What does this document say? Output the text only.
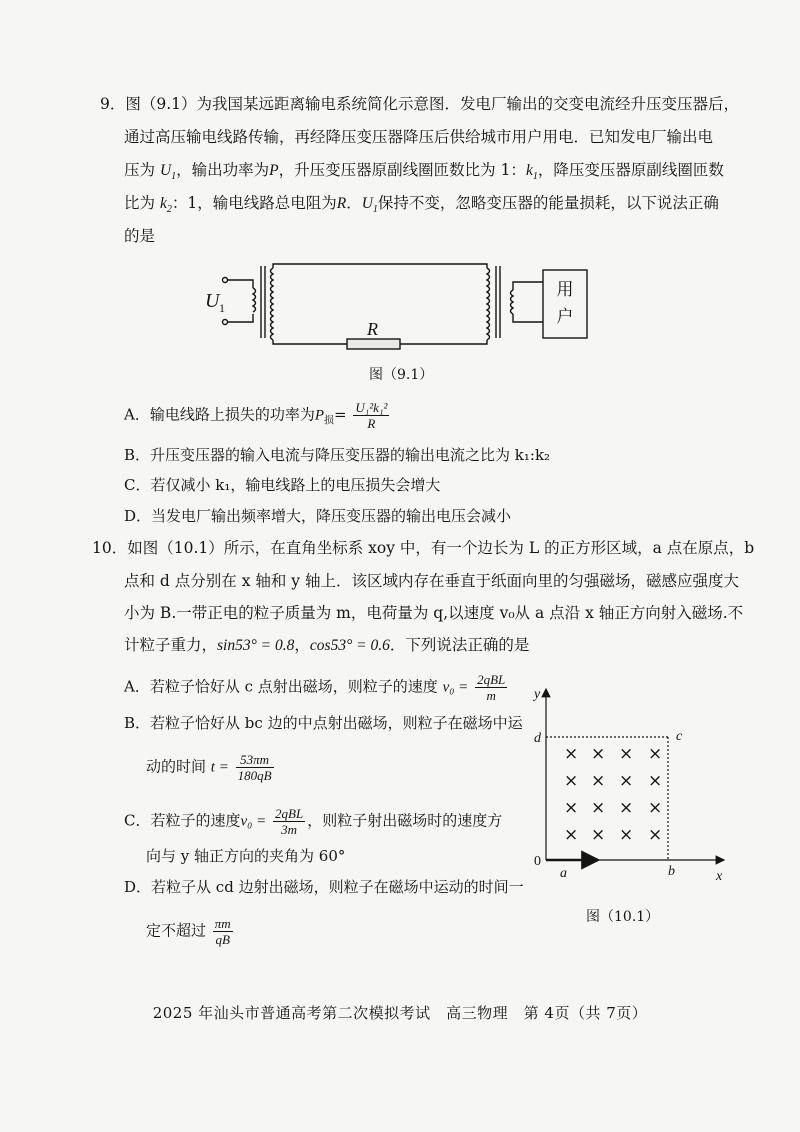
9．图（9.1）为我国某远距离输电系统简化示意图．发电厂输出的交变电流经升压变压器后，
通过高压输电线路传输，再经降压变压器降压后供给城市用户用电．已知发电厂输出电
压为 $U_1$，输出功率为P，升压变压器原副线圈匝数比为 1：$k_1$，降压变压器原副线圈匝数
比为 $k_2$：1，输电线路总电阻为R．$U_1$保持不变，忽略变压器的能量损耗，以下说法正确
的是
U 1
R
用
户
图（9.1）
A．输电线路上损失的功率为$P_损= \frac{\text{U₁²k₁²}}{R}$
B．升压变压器的输入电流与降压变压器的输出电流之比为 k₁:k₂
C．若仅减小 k₁，输电线路上的电压损失会增大
D．当发电厂输出频率增大，降压变压器的输出电压会减小
10．如图（10.1）所示，在直角坐标系 xoy 中，有一个边长为 L 的正方形区域，a 点在原点，b
点和 d 点分别在 x 轴和 y 轴上．该区域内存在垂直于纸面向里的匀强磁场，磁感应强度大
小为 B.一带正电的粒子质量为 m，电荷量为 q,以速度 v₀从 a 点沿 x 轴正方向射入磁场.不
计粒子重力，sin53° = 0.8，cos53° = 0.6．下列说法正确的是
A．若粒子恰好从 c 点射出磁场，则粒子的速度 $v_0 = \frac{\text{2qBL}}{m}$
B．若粒子恰好从 bc 边的中点射出磁场，则粒子在磁场中运
动的时间 $t = \frac{53\pi m}{180qB}$
C．若粒子的速度$v_0 = \frac{\text{2qBL}}{3m}$ ，则粒子射出磁场时的速度方
向与 y 轴正方向的夹角为 60°
D．若粒子从 cd 边射出磁场，则粒子在磁场中运动的时间一
定不超过 $\frac{\pi m}{qB}$
× × × ×
× × × ×
× × × ×
× × × ×
y
x
d	c
0
a	b
图（10.1）
2025 年汕头市普通高考第二次模拟考试　高三物理　第 4页（共 7页）
